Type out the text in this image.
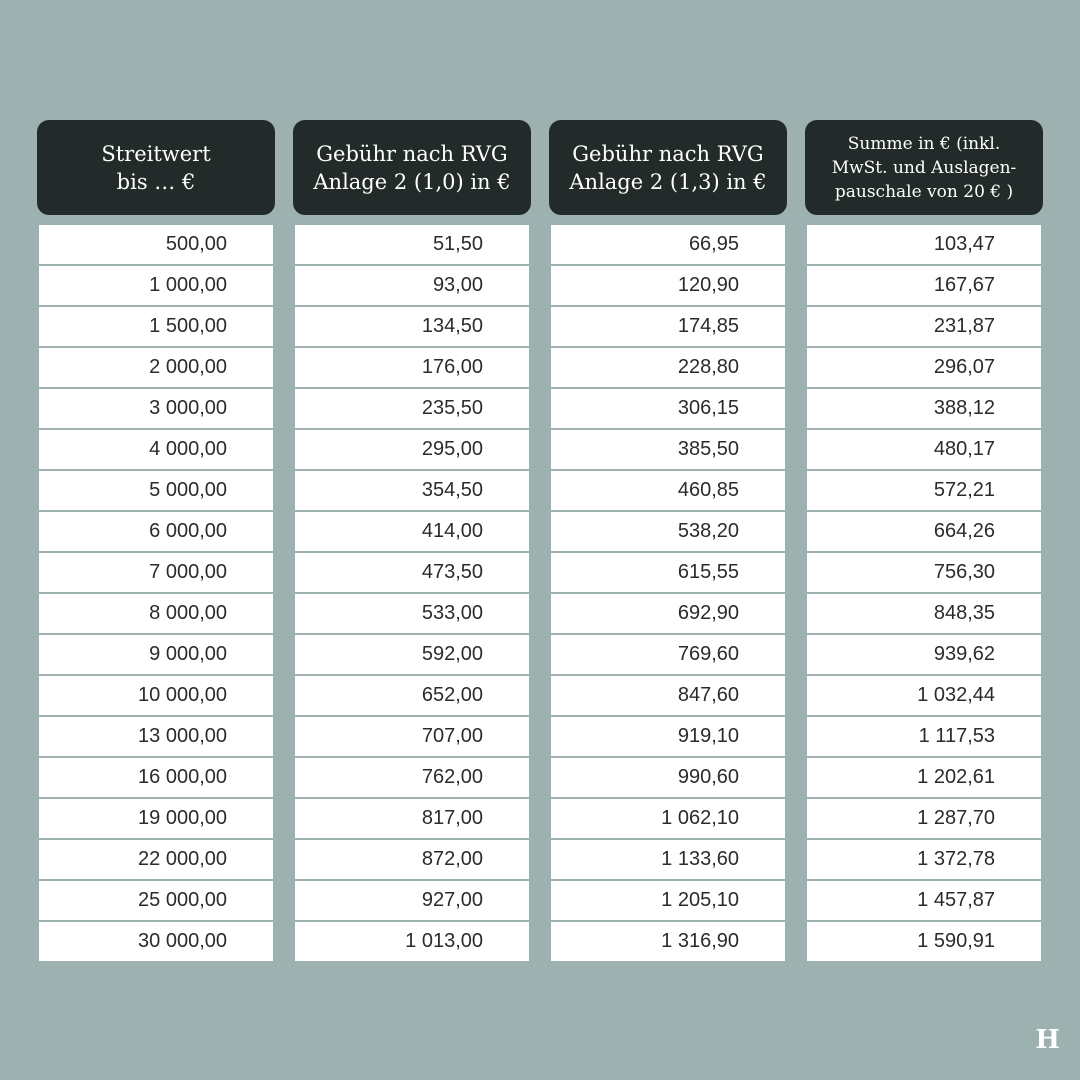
Streitwert
bis … €
500,00
1 000,00
1 500,00
2 000,00
3 000,00
4 000,00
5 000,00
6 000,00
7 000,00
8 000,00
9 000,00
10 000,00
13 000,00
16 000,00
19 000,00
22 000,00
25 000,00
30 000,00
Gebühr nach RVG
Anlage 2 (1,0) in €
51,50
93,00
134,50
176,00
235,50
295,00
354,50
414,00
473,50
533,00
592,00
652,00
707,00
762,00
817,00
872,00
927,00
1 013,00
Gebühr nach RVG
Anlage 2 (1,3) in €
66,95
120,90
174,85
228,80
306,15
385,50
460,85
538,20
615,55
692,90
769,60
847,60
919,10
990,60
1 062,10
1 133,60
1 205,10
1 316,90
Summe in € (inkl.
MwSt. und Auslagen-
pauschale von 20 € )
103,47
167,67
231,87
296,07
388,12
480,17
572,21
664,26
756,30
848,35
939,62
1 032,44
1 117,53
1 202,61
1 287,70
1 372,78
1 457,87
1 590,91
H
